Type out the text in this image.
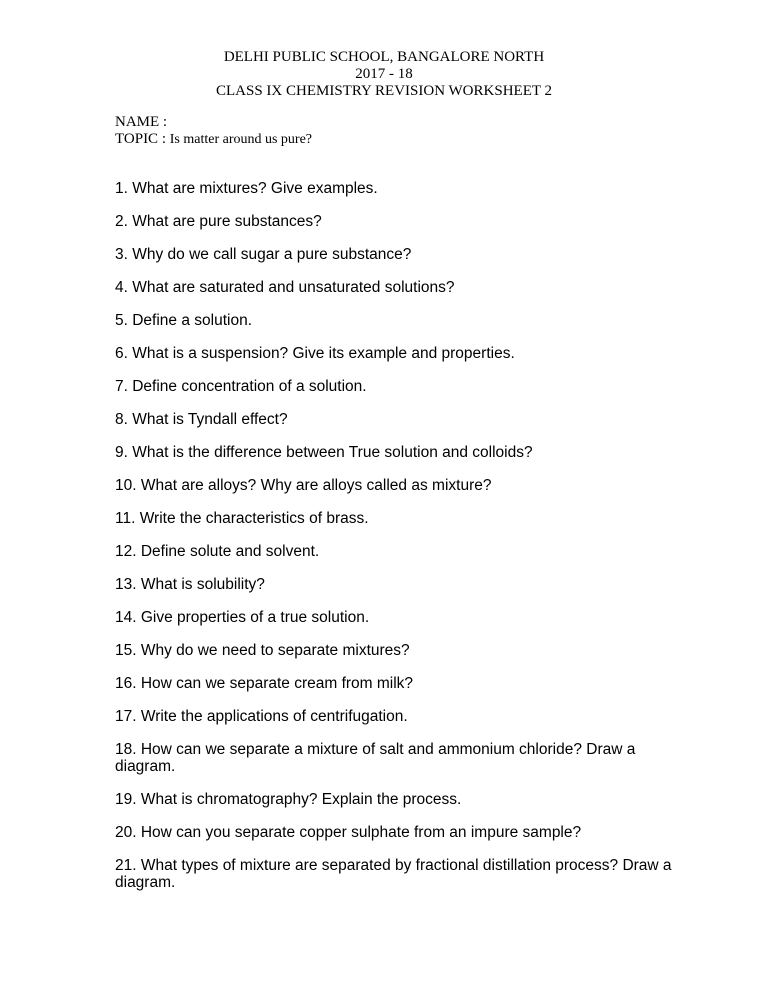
DELHI PUBLIC SCHOOL, BANGALORE NORTH
2017 - 18
CLASS IX CHEMISTRY REVISION WORKSHEET 2
NAME :
TOPIC : Is matter around us pure?
1. What are mixtures? Give examples.
2. What are pure substances?
3. Why do we call sugar a pure substance?
4. What are saturated and unsaturated solutions?
5. Define a solution.
6. What is a suspension? Give its example and properties.
7. Define concentration of a solution.
8. What is Tyndall effect?
9. What is the difference between True solution and colloids?
10. What are alloys? Why are alloys called as mixture?
11. Write the characteristics of brass.
12. Define solute and solvent.
13. What is solubility?
14. Give properties of a true solution.
15. Why do we need to separate mixtures?
16. How can we separate cream from milk?
17. Write the applications of centrifugation.
18. How can we separate a mixture of salt and ammonium chloride? Draw a diagram.
19. What is chromatography? Explain the process.
20. How can you separate copper sulphate from an impure sample?
21. What types of mixture are separated by fractional distillation process? Draw a diagram.
